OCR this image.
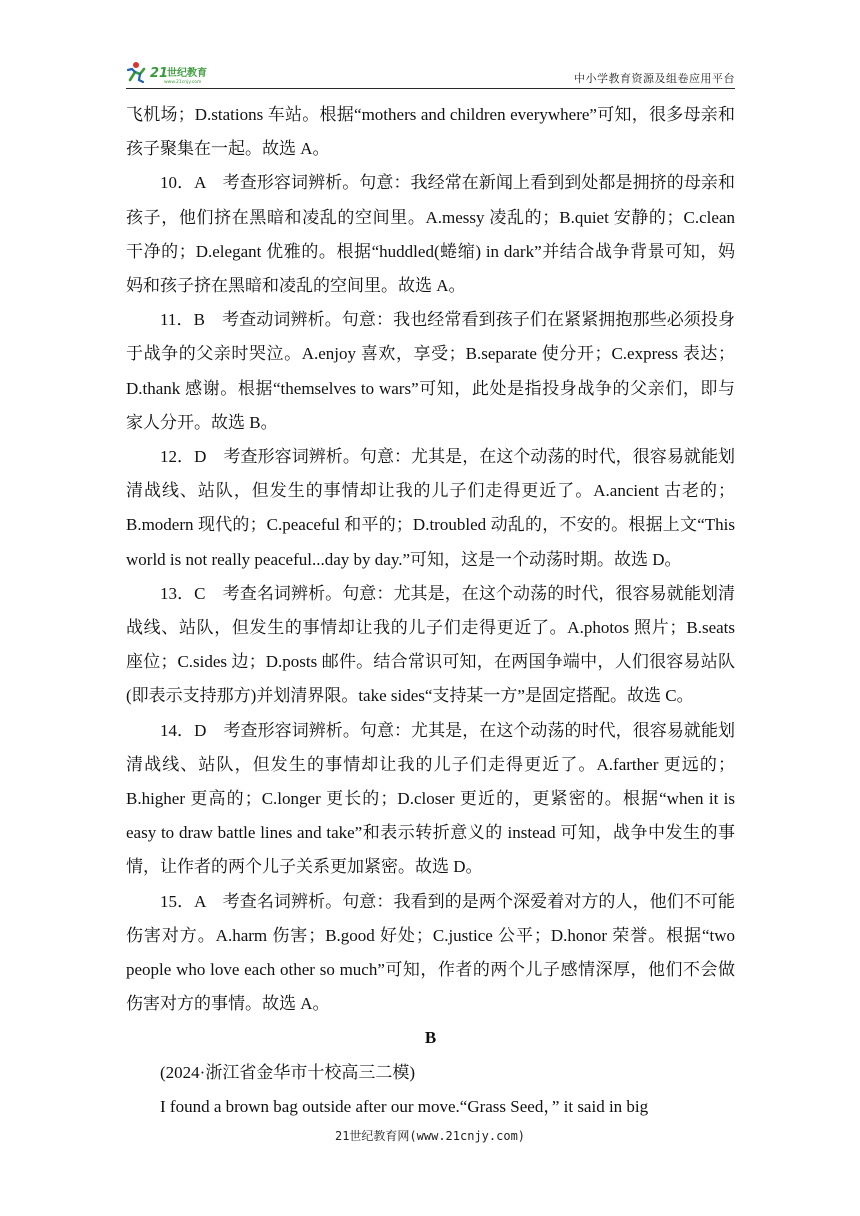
21
世纪教育
www.21cnjy.com	中小学教育资源及组卷应用平台

飞机场；D.stations 车站。根据“mothers and children everywhere”可知，很多母亲和孩子聚集在一起。故选 A。

10．A　考查形容词辨析。句意：我经常在新闻上看到到处都是拥挤的母亲和孩子，他们挤在黑暗和凌乱的空间里。A.messy 凌乱的；B.quiet 安静的；C.clean 干净的；D.elegant 优雅的。根据“huddled(蜷缩) in dark”并结合战争背景可知，妈妈和孩子挤在黑暗和凌乱的空间里。故选 A。

11．B　考查动词辨析。句意：我也经常看到孩子们在紧紧拥抱那些必须投身于战争的父亲时哭泣。A.enjoy 喜欢，享受；B.separate 使分开；C.express 表达；D.thank 感谢。根据“themselves to wars”可知，此处是指投身战争的父亲们，即与家人分开。故选 B。

12．D　考查形容词辨析。句意：尤其是，在这个动荡的时代，很容易就能划清战线、站队，但发生的事情却让我的儿子们走得更近了。A.ancient 古老的；B.modern 现代的；C.peaceful 和平的；D.troubled 动乱的，不安的。根据上文“This world is not really peaceful...day by day.”可知，这是一个动荡时期。故选 D。

13．C　考查名词辨析。句意：尤其是，在这个动荡的时代，很容易就能划清战线、站队，但发生的事情却让我的儿子们走得更近了。A.photos 照片；B.seats 座位；C.sides 边；D.posts 邮件。结合常识可知，在两国争端中，人们很容易站队(即表示支持那方)并划清界限。take sides“支持某一方”是固定搭配。故选 C。

14．D　考查形容词辨析。句意：尤其是，在这个动荡的时代，很容易就能划清战线、站队，但发生的事情却让我的儿子们走得更近了。A.farther 更远的；B.higher 更高的；C.longer 更长的；D.closer 更近的，更紧密的。根据“when it is easy to draw battle lines and take”和表示转折意义的 instead 可知，战争中发生的事情，让作者的两个儿子关系更加紧密。故选 D。

15．A　考查名词辨析。句意：我看到的是两个深爱着对方的人，他们不可能伤害对方。A.harm 伤害；B.good 好处；C.justice 公平；D.honor 荣誉。根据“two people who love each other so much”可知，作者的两个儿子感情深厚，他们不会做伤害对方的事情。故选 A。

B

(2024·浙江省金华市十校高三二模)

I found a brown bag outside after our move.“Grass Seed，” it said in big

21世纪教育网(www.21cnjy.com)
